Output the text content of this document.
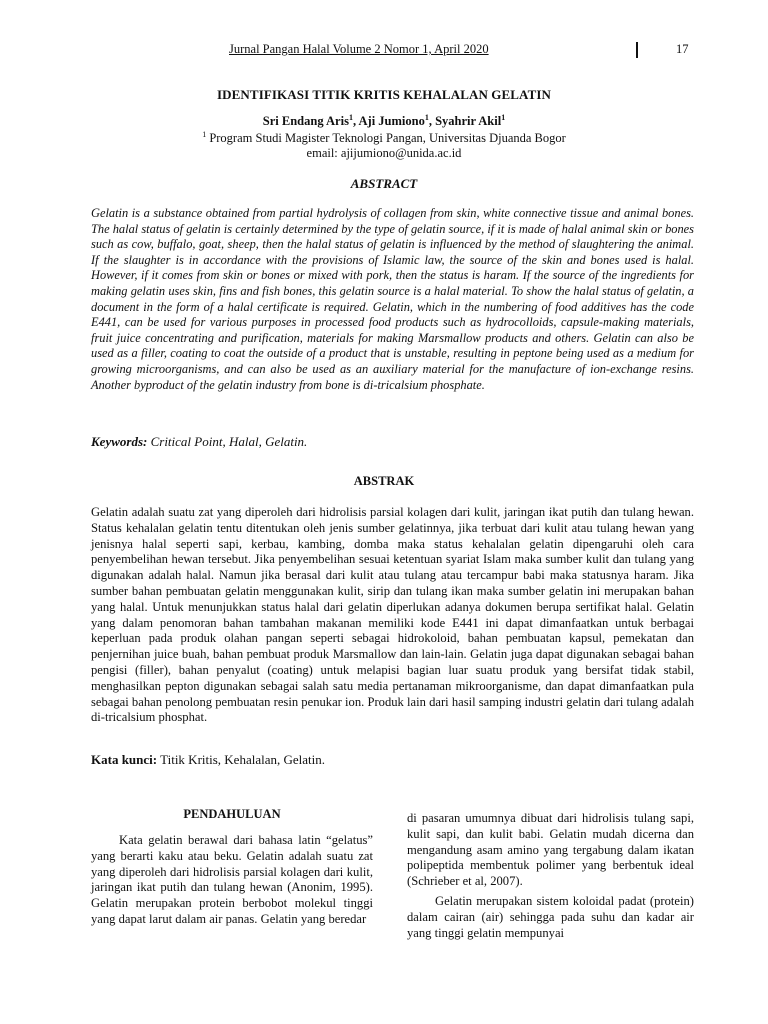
Jurnal Pangan Halal Volume 2 Nomor 1, April 2020	17
IDENTIFIKASI TITIK KRITIS KEHALALAN GELATIN
Sri Endang Aris$^1$, Aji Jumiono$^1$, Syahrir Akil$^1$
$^1$ Program Studi Magister Teknologi Pangan, Universitas Djuanda Bogor
email: ajijumiono@unida.ac.id
ABSTRACT

Gelatin is a substance obtained from partial hydrolysis of collagen from skin, white connective tissue and animal bones. The halal status of gelatin is certainly determined by the type of gelatin source, if it is made of halal animal skin or bones such as cow, buffalo, goat, sheep, then the halal status of gelatin is influenced by the method of slaughtering the animal. If the slaughter is in accordance with the provisions of Islamic law, the source of the skin and bones used is halal. However, if it comes from skin or bones or mixed with pork, then the status is haram. If the source of the ingredients for making gelatin uses skin, fins and fish bones, this gelatin source is a halal material. To show the halal status of gelatin, a document in the form of a halal certificate is required. Gelatin, which in the numbering of food additives has the code E441, can be used for various purposes in processed food products such as hydrocolloids, capsule-making materials, fruit juice concentrating and purification, materials for making Marsmallow products and others. Gelatin can also be used as a filler, coating to coat the outside of a product that is unstable, resulting in peptone being used as a medium for growing microorganisms, and can also be used as an auxiliary material for the manufacture of ion-exchange resins. Another byproduct of the gelatin industry from bone is di-tricalsium phosphate.

Keywords: Critical Point, Halal, Gelatin.
ABSTRAK

Gelatin adalah suatu zat yang diperoleh dari hidrolisis parsial kolagen dari kulit, jaringan ikat putih dan tulang hewan. Status kehalalan gelatin tentu ditentukan oleh jenis sumber gelatinnya, jika terbuat dari kulit atau tulang hewan yang jenisnya halal seperti sapi, kerbau, kambing, domba maka status kehalalan gelatin dipengaruhi oleh cara penyembelihan hewan tersebut. Jika penyembelihan sesuai ketentuan syariat Islam maka sumber kulit dan tulang yang digunakan adalah halal. Namun jika berasal dari kulit atau tulang atau tercampur babi maka statusnya haram. Jika sumber bahan pembuatan gelatin menggunakan kulit, sirip dan tulang ikan maka sumber gelatin ini merupakan bahan yang halal. Untuk menunjukkan status halal dari gelatin diperlukan adanya dokumen berupa sertifikat halal. Gelatin yang dalam penomoran bahan tambahan makanan memiliki kode E441 ini dapat dimanfaatkan untuk berbagai keperluan pada produk olahan pangan seperti sebagai hidrokoloid, bahan pembuatan kapsul, pemekatan dan penjernihan juice buah, bahan pembuat produk Marsmallow dan lain-lain. Gelatin juga dapat digunakan sebagai bahan pengisi (filler), bahan penyalut (coating) untuk melapisi bagian luar suatu produk yang bersifat tidak stabil, menghasilkan pepton digunakan sebagai salah satu media pertanaman mikroorganisme, dan dapat dimanfaatkan pula sebagai bahan penolong pembuatan resin penukar ion. Produk lain dari hasil samping industri gelatin dari tulang adalah di-tricalsium phosphat.

Kata kunci: Titik Kritis, Kehalalan, Gelatin.
PENDAHULUAN

Kata gelatin berawal dari bahasa latin “gelatus” yang berarti kaku atau beku. Gelatin adalah suatu zat yang diperoleh dari hidrolisis parsial kolagen dari kulit, jaringan ikat putih dan tulang hewan (Anonim, 1995). Gelatin merupakan protein berbobot molekul tinggi yang dapat larut dalam air panas. Gelatin yang beredar

di pasaran umumnya dibuat dari hidrolisis tulang sapi, kulit sapi, dan kulit babi. Gelatin mudah dicerna dan mengandung asam amino yang tergabung dalam ikatan polipeptida membentuk polimer yang berbentuk ideal (Schrieber et al, 2007).

Gelatin merupakan sistem koloidal padat (protein) dalam cairan (air) sehingga pada suhu dan kadar air yang tinggi gelatin mempunyai
